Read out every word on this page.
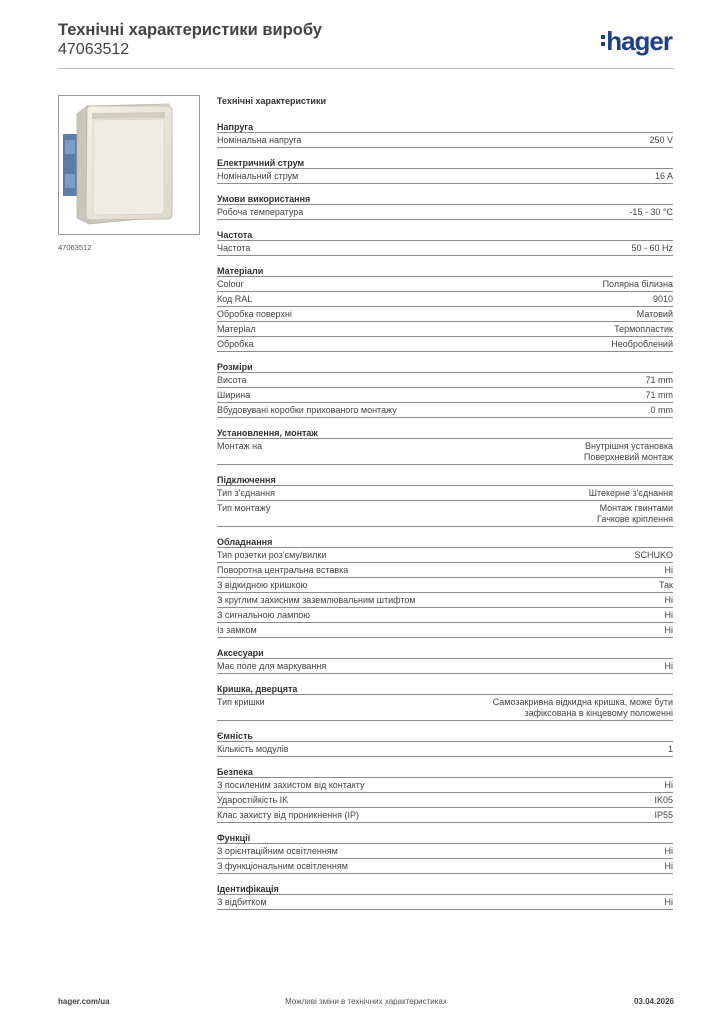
Технічні характеристики виробу
47063512	hager
47063512
Технічні характеристики
Напруга
Номінальна напруга	250 V
Електричний струм
Номінальний струм	16 A
Умови використання
Робоча температура	-15 - 30 °C
Частота
Частота	50 - 60 Hz
Матеріали
Colour	Полярна білизна
Код RAL	9010
Обробка поверхні	Матовий
Матеріал	Термопластик
Обробка	Необроблений
Розміри
Висота	71 mm
Ширина	71 mm
Вбудовувані коробки прихованого монтажу	0 mm
Установлення, монтаж
Монтаж на	Внутрішня установка
Поверхневий монтаж
Підключення
Тип з'єднання	Штекерне з'єднання
Тип монтажу	Монтаж гвинтами
Гачкове кріплення
Обладнання
Тип розетки роз'єму/вилки	SCHUKO
Поворотна центральна вставка	Ні
З відкидною кришкою	Так
З круглим захисним заземлювальним штифтом	Ні
З сигнальною лампою	Ні
Із замком	Ні
Аксесуари
Має поле для маркування	Ні
Кришка, дверцята
Тип кришки	Самозакривна відкидна кришка, може бути
зафіксована в кінцевому положенні
Ємність
Кількість модулів	1
Безпека
З посиленим захистом від контакту	Ні
Ударостійкість IK	IK05
Клас захисту від проникнення (IP)	IP55
Функції
З орієнтаційним освітленням	Ні
З функціональним освітленням	Ні
Ідентифікація
З відбитком	Ні
hager.com/ua	Можливі зміни в технічних характеристиках	03.04.2026
